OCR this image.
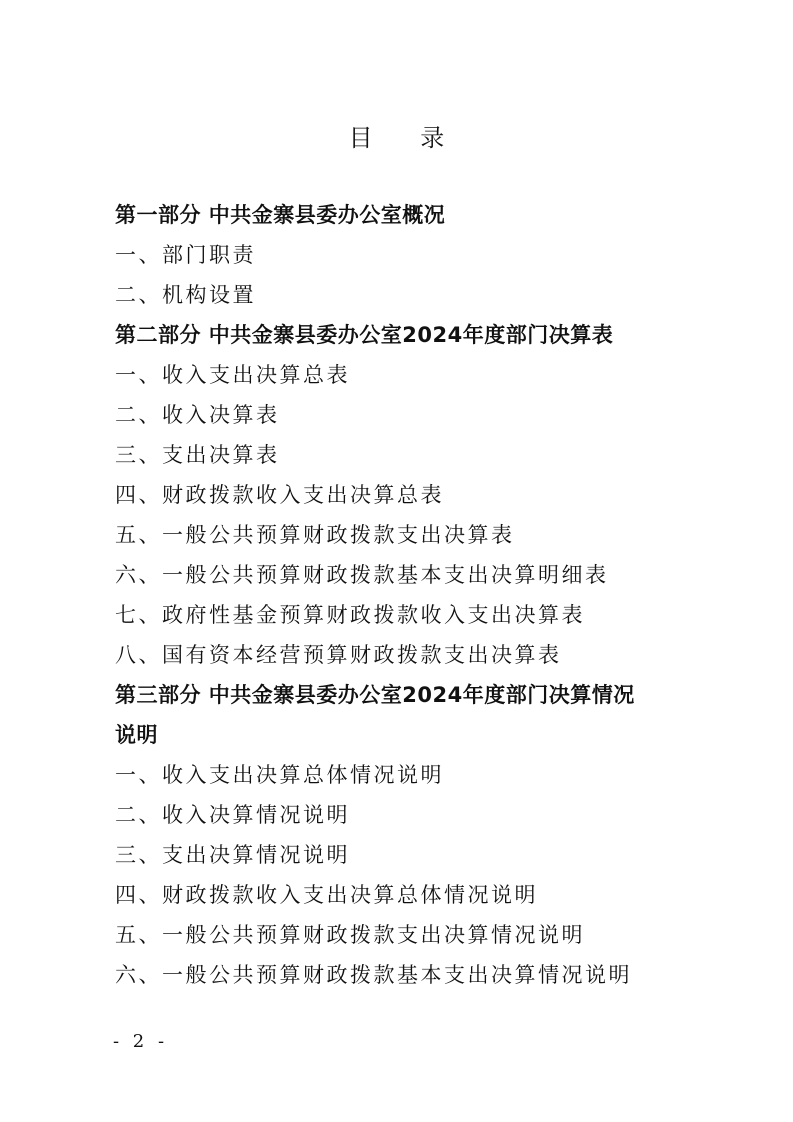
目 录
第一部分 中共金寨县委办公室概况
一、部门职责
二、机构设置
第二部分 中共金寨县委办公室2024年度部门决算表
一、收入支出决算总表
二、收入决算表
三、支出决算表
四、财政拨款收入支出决算总表
五、一般公共预算财政拨款支出决算表
六、一般公共预算财政拨款基本支出决算明细表
七、政府性基金预算财政拨款收入支出决算表
八、国有资本经营预算财政拨款支出决算表
第三部分 中共金寨县委办公室2024年度部门决算情况
说明
一、收入支出决算总体情况说明
二、收入决算情况说明
三、支出决算情况说明
四、财政拨款收入支出决算总体情况说明
五、一般公共预算财政拨款支出决算情况说明
六、一般公共预算财政拨款基本支出决算情况说明
- 2 -
